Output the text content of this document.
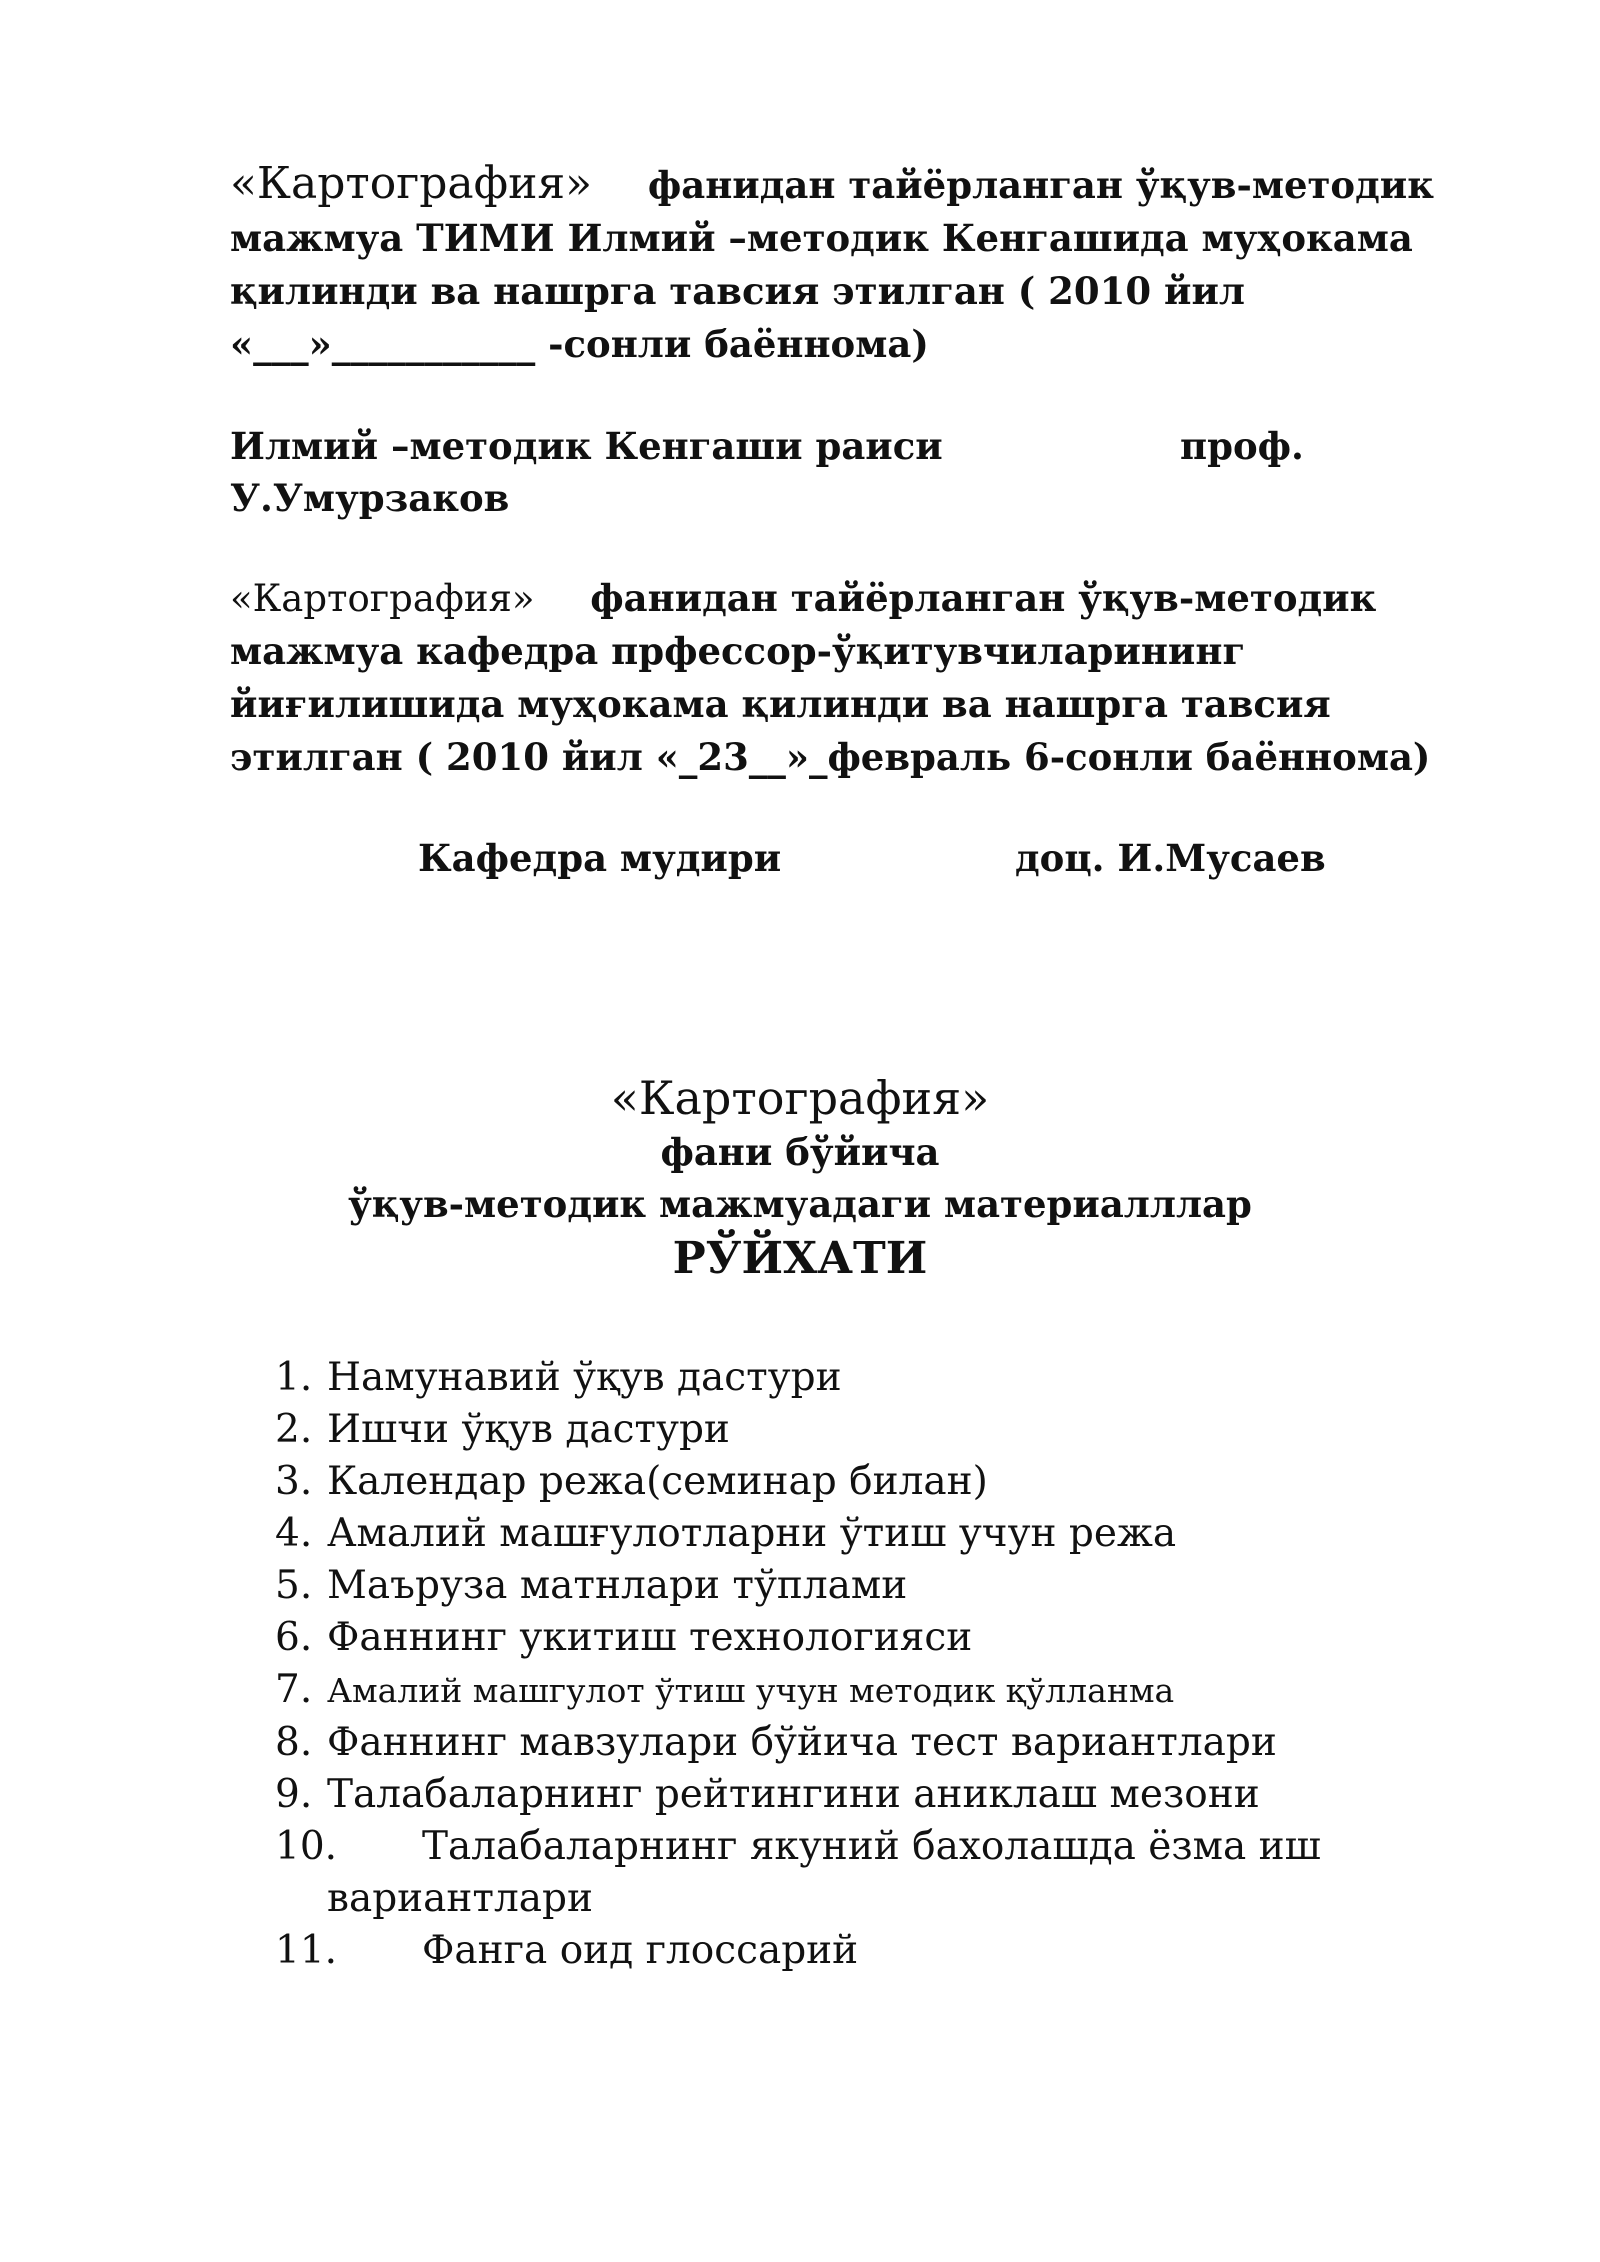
«Картография» фанидан тайёрланган ўқув-методик мажмуа ТИМИ Илмий –методик Кенгашида муҳокама қилинди ва нашрга тавсия этилган ( 2010 йил «___»___________ -сонли баённома)

Илмий –методик Кенгаши раиси	проф.
У.Умурзаков

«Картография» фанидан тайёрланган ўқув-методик мажмуа кафедра прфессор-ўқитувчиларининг йиғилишида муҳокама қилинди ва нашрга тавсия этилган ( 2010 йил «_23__»_февраль 6-сонли баённома)

Кафедра мудири	доц. И.Мусаев
«Картография»
фани бўйича
ўқув-методик мажмуадаги материалллар
РЎЙХАТИ
1. Намунавий ўқув дастури
2. Ишчи ўқув дастури
3. Календар режа(семинар билан)
4. Амалий машғулотларни ўтиш учун режа
5. Маъруза матнлари тўплами
6. Фаннинг укитиш технологияси
7. Амалий машгулот ўтиш учун методик қўлланма
8. Фаннинг мавзулари бўйича тест вариантлари
9. Талабаларнинг рейтингини аниклаш мезони
10. Талабаларнинг якуний бахолашда ёзма иш вариантлари
11. Фанга оид глоссарий
